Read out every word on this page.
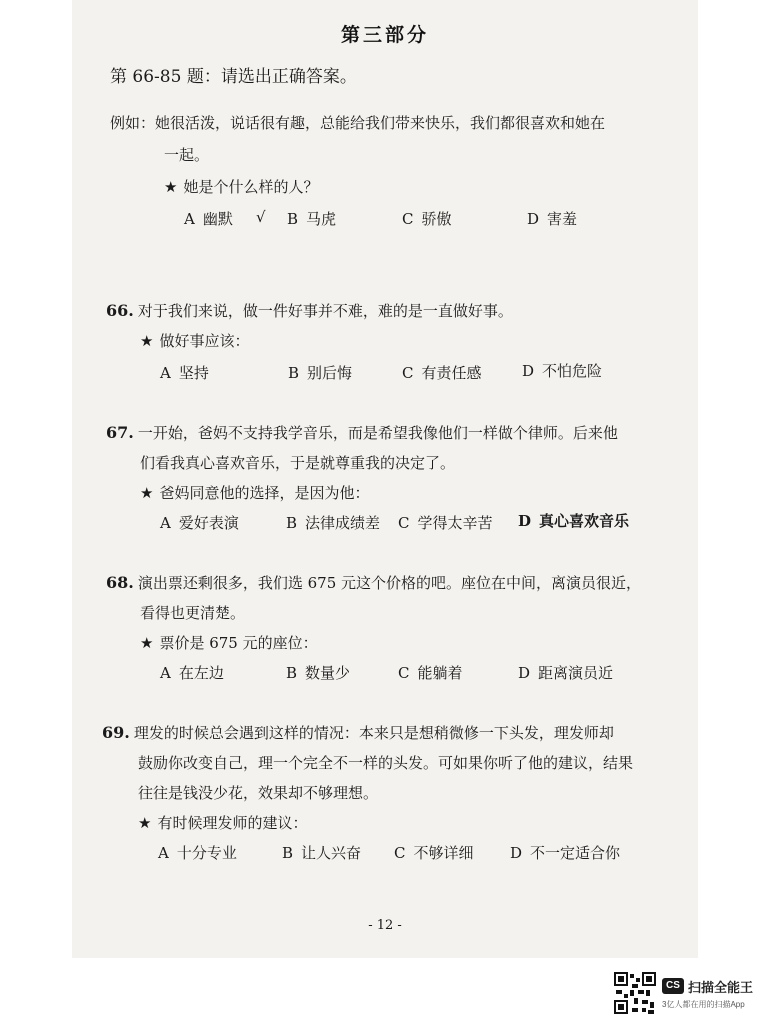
第三部分
第 66-85 题：请选出正确答案。
例如：她很活泼，说话很有趣，总能给我们带来快乐，我们都很喜欢和她在
一起。
★ 她是个什么样的人？
A 幽默 √ B 马虎	C 骄傲	D 害羞
66. 对于我们来说，做一件好事并不难，难的是一直做好事。
★ 做好事应该：
A 坚持	B 别后悔	C 有责任感	D 不怕危险
67. 一开始，爸妈不支持我学音乐，而是希望我像他们一样做个律师。后来他
们看我真心喜欢音乐，于是就尊重我的决定了。
★ 爸妈同意他的选择，是因为他：
A 爱好表演	B 法律成绩差 C 学得太辛苦 D 真心喜欢音乐
68. 演出票还剩很多，我们选 675 元这个价格的吧。座位在中间，离演员很近，
看得也更清楚。
★ 票价是 675 元的座位：
A 在左边	B 数量少	C 能躺着	D 距离演员近
69. 理发的时候总会遇到这样的情况：本来只是想稍微修一下头发，理发师却
鼓励你改变自己，理一个完全不一样的头发。可如果你听了他的建议，结果
往往是钱没少花，效果却不够理想。
★ 有时候理发师的建议：
A 十分专业	B 让人兴奋 C 不够详细 D 不一定适合你
- 12 -
CS 扫描全能王
3亿人都在用的扫描App
